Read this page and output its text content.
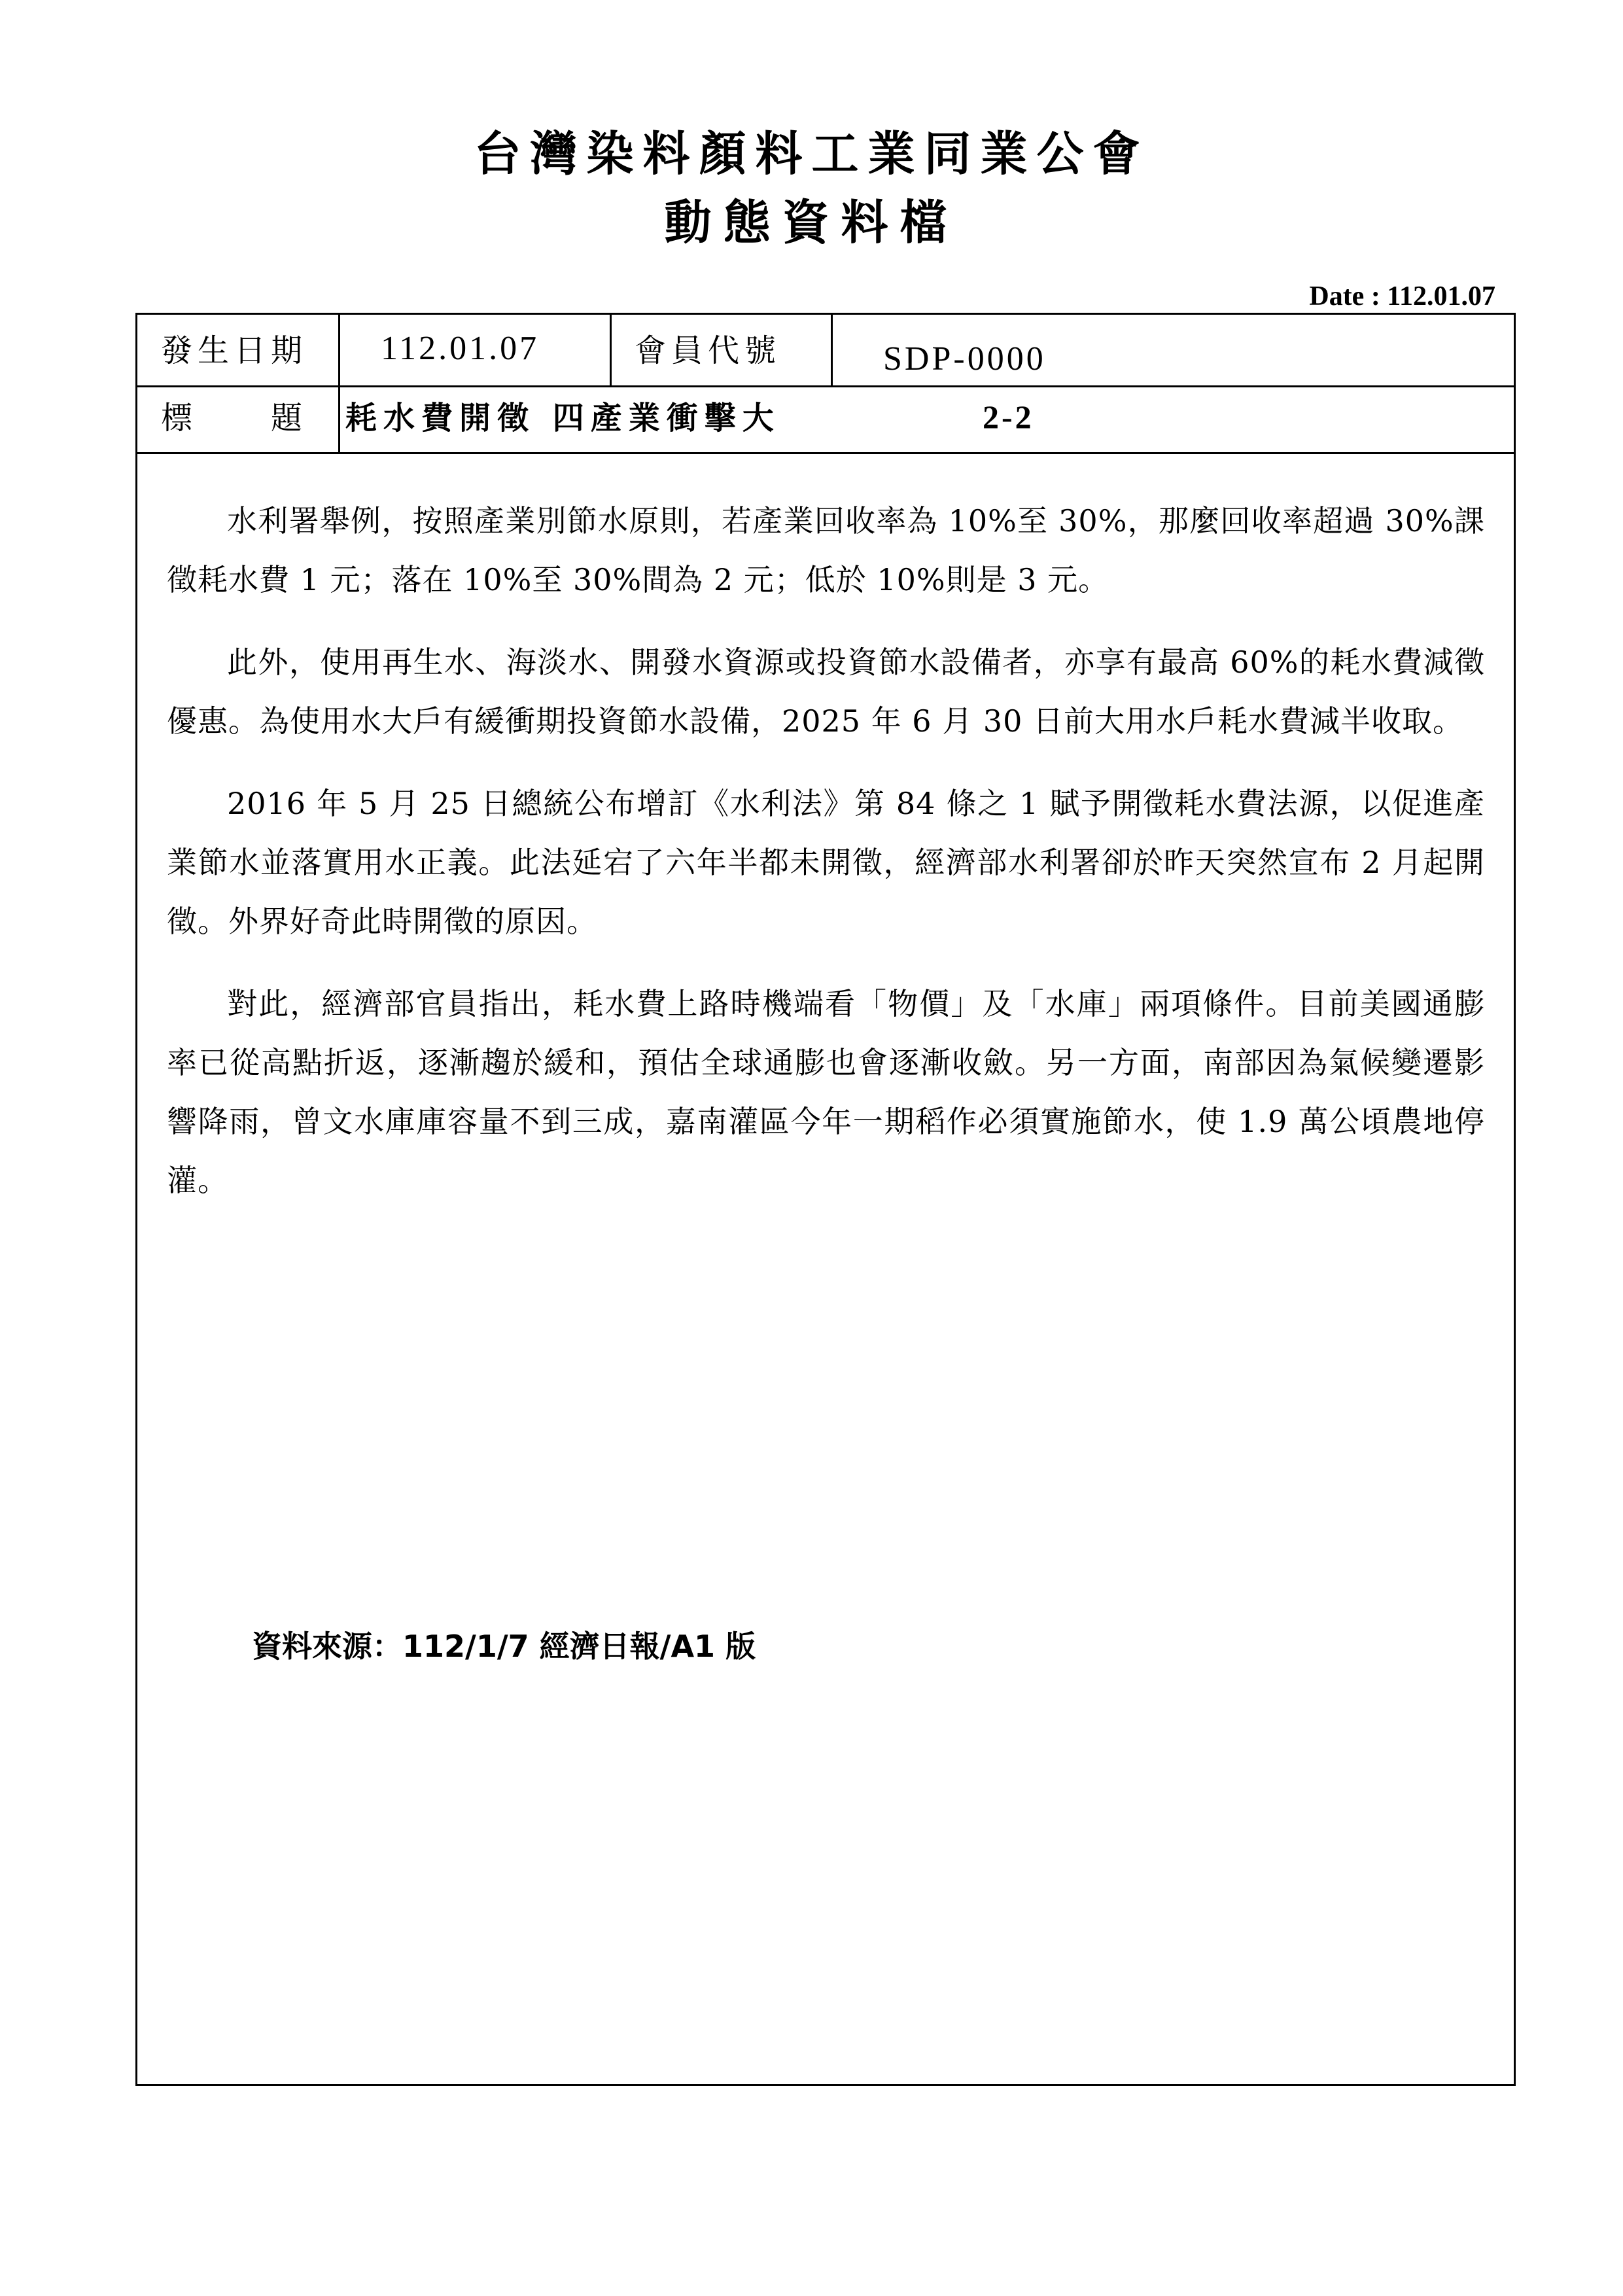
台灣染料顏料工業同業公會
動態資料檔
Date : 112.01.07
發生日期 112.01.07	會員代號	SDP-0000
標　　題 耗水費開徵 四產業衝擊大	2-2

水利署舉例，按照產業別節水原則，若產業回收率為 10%至 30%，那麼回收率超過 30%課徵耗水費 1 元；落在 10%至 30%間為 2 元；低於 10%則是 3 元。

此外，使用再生水、海淡水、開發水資源或投資節水設備者，亦享有最高 60%的耗水費減徵優惠。為使用水大戶有緩衝期投資節水設備，2025 年 6 月 30 日前大用水戶耗水費減半收取。

2016 年 5 月 25 日總統公布增訂《水利法》第 84 條之 1 賦予開徵耗水費法源，以促進產業節水並落實用水正義。此法延宕了六年半都未開徵，經濟部水利署卻於昨天突然宣布 2 月起開徵。外界好奇此時開徵的原因。

對此，經濟部官員指出，耗水費上路時機端看「物價」及「水庫」兩項條件。目前美國通膨率已從高點折返，逐漸趨於緩和，預估全球通膨也會逐漸收斂。另一方面，南部因為氣候變遷影響降雨，曾文水庫庫容量不到三成，嘉南灌區今年一期稻作必須實施節水，使 1.9 萬公頃農地停灌。

資料來源：112/1/7 經濟日報/A1 版
